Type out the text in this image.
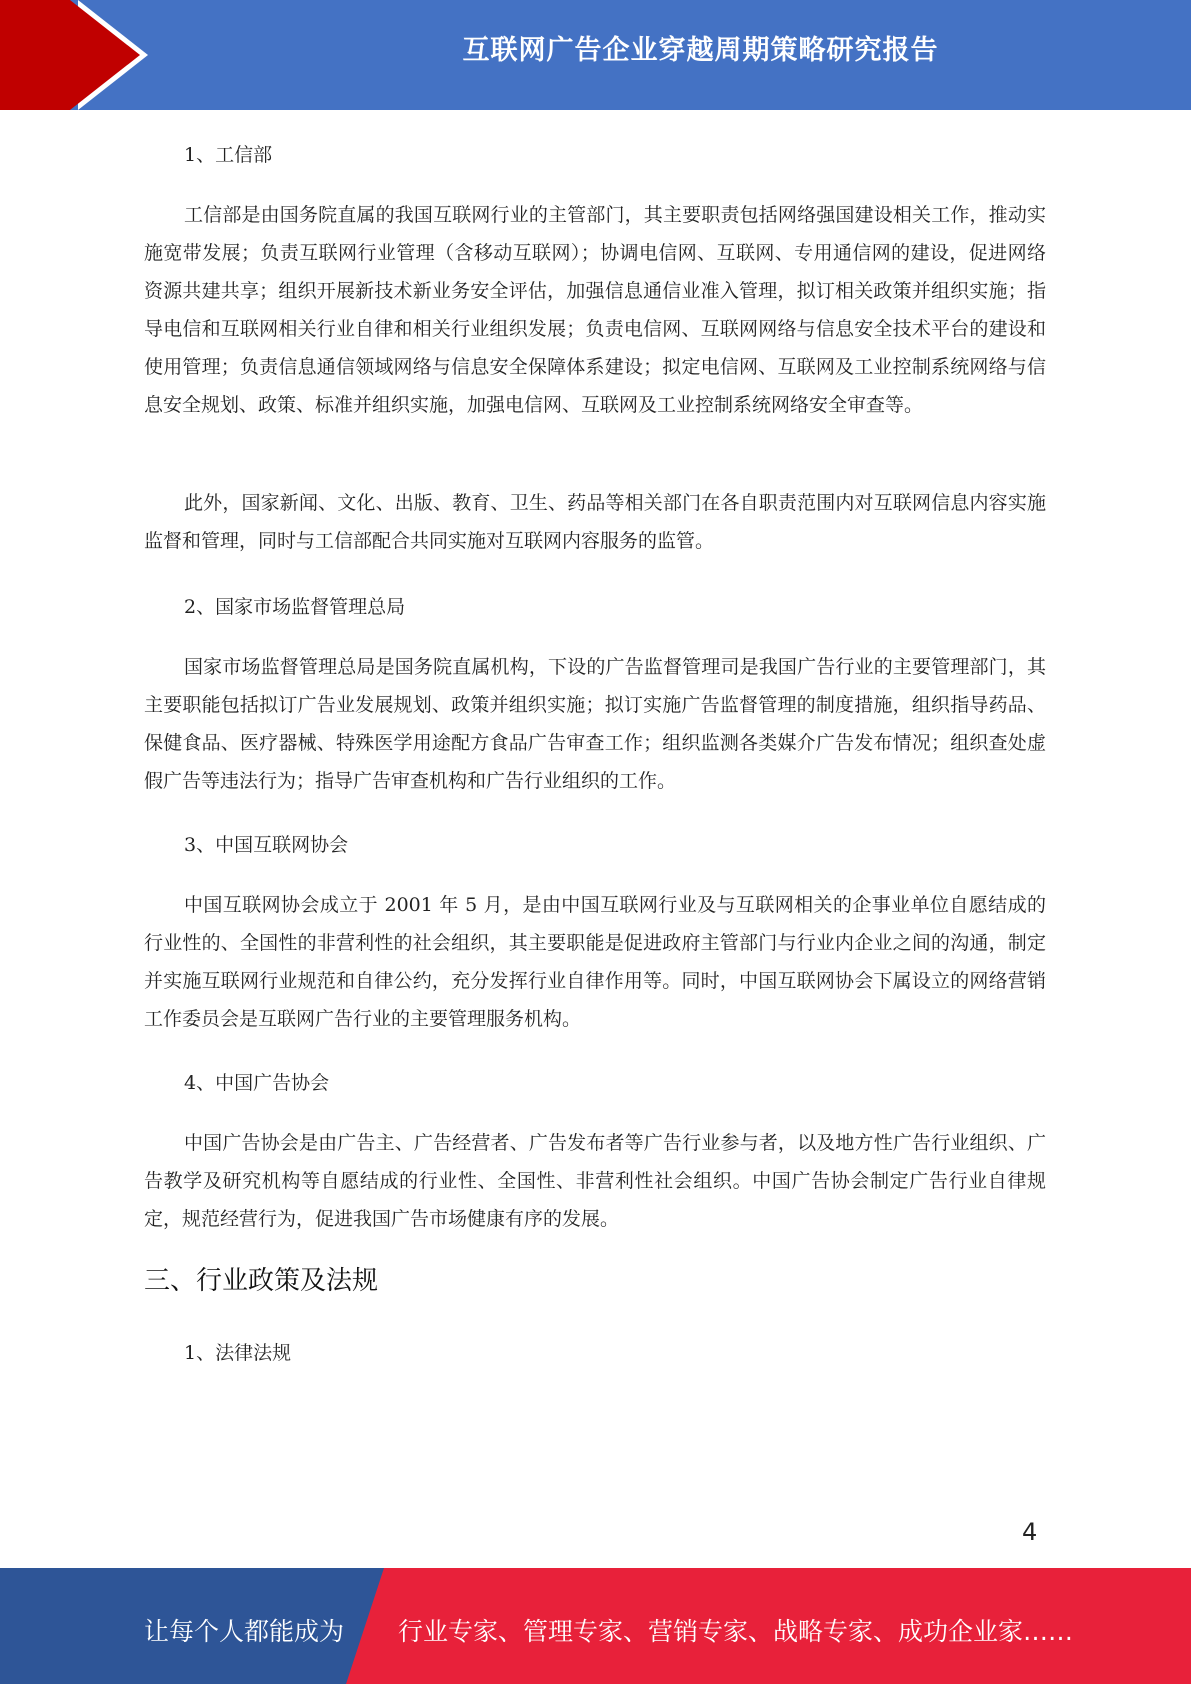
互联网广告企业穿越周期策略研究报告
1、工信部
工信部是由国务院直属的我国互联网行业的主管部门，其主要职责包括网络强国建设相关工作，推动实施宽带发展；负责互联网行业管理（含移动互联网）；协调电信网、互联网、专用通信网的建设，促进网络资源共建共享；组织开展新技术新业务安全评估，加强信息通信业准入管理，拟订相关政策并组织实施；指导电信和互联网相关行业自律和相关行业组织发展；负责电信网、互联网网络与信息安全技术平台的建设和使用管理；负责信息通信领域网络与信息安全保障体系建设；拟定电信网、互联网及工业控制系统网络与信息安全规划、政策、标准并组织实施，加强电信网、互联网及工业控制系统网络安全审查等。
此外，国家新闻、文化、出版、教育、卫生、药品等相关部门在各自职责范围内对互联网信息内容实施监督和管理，同时与工信部配合共同实施对互联网内容服务的监管。
2、国家市场监督管理总局
国家市场监督管理总局是国务院直属机构，下设的广告监督管理司是我国广告行业的主要管理部门，其主要职能包括拟订广告业发展规划、政策并组织实施；拟订实施广告监督管理的制度措施，组织指导药品、保健食品、医疗器械、特殊医学用途配方食品广告审查工作；组织监测各类媒介广告发布情况；组织查处虚假广告等违法行为；指导广告审查机构和广告行业组织的工作。
3、中国互联网协会
中国互联网协会成立于 2001 年 5 月，是由中国互联网行业及与互联网相关的企事业单位自愿结成的行业性的、全国性的非营利性的社会组织，其主要职能是促进政府主管部门与行业内企业之间的沟通，制定并实施互联网行业规范和自律公约，充分发挥行业自律作用等。同时，中国互联网协会下属设立的网络营销工作委员会是互联网广告行业的主要管理服务机构。
4、中国广告协会
中国广告协会是由广告主、广告经营者、广告发布者等广告行业参与者，以及地方性广告行业组织、广告教学及研究机构等自愿结成的行业性、全国性、非营利性社会组织。中国广告协会制定广告行业自律规定，规范经营行为，促进我国广告市场健康有序的发展。
三、行业政策及法规
1、法律法规
4
让每个人都能成为 行业专家、管理专家、营销专家、战略专家、成功企业家……
